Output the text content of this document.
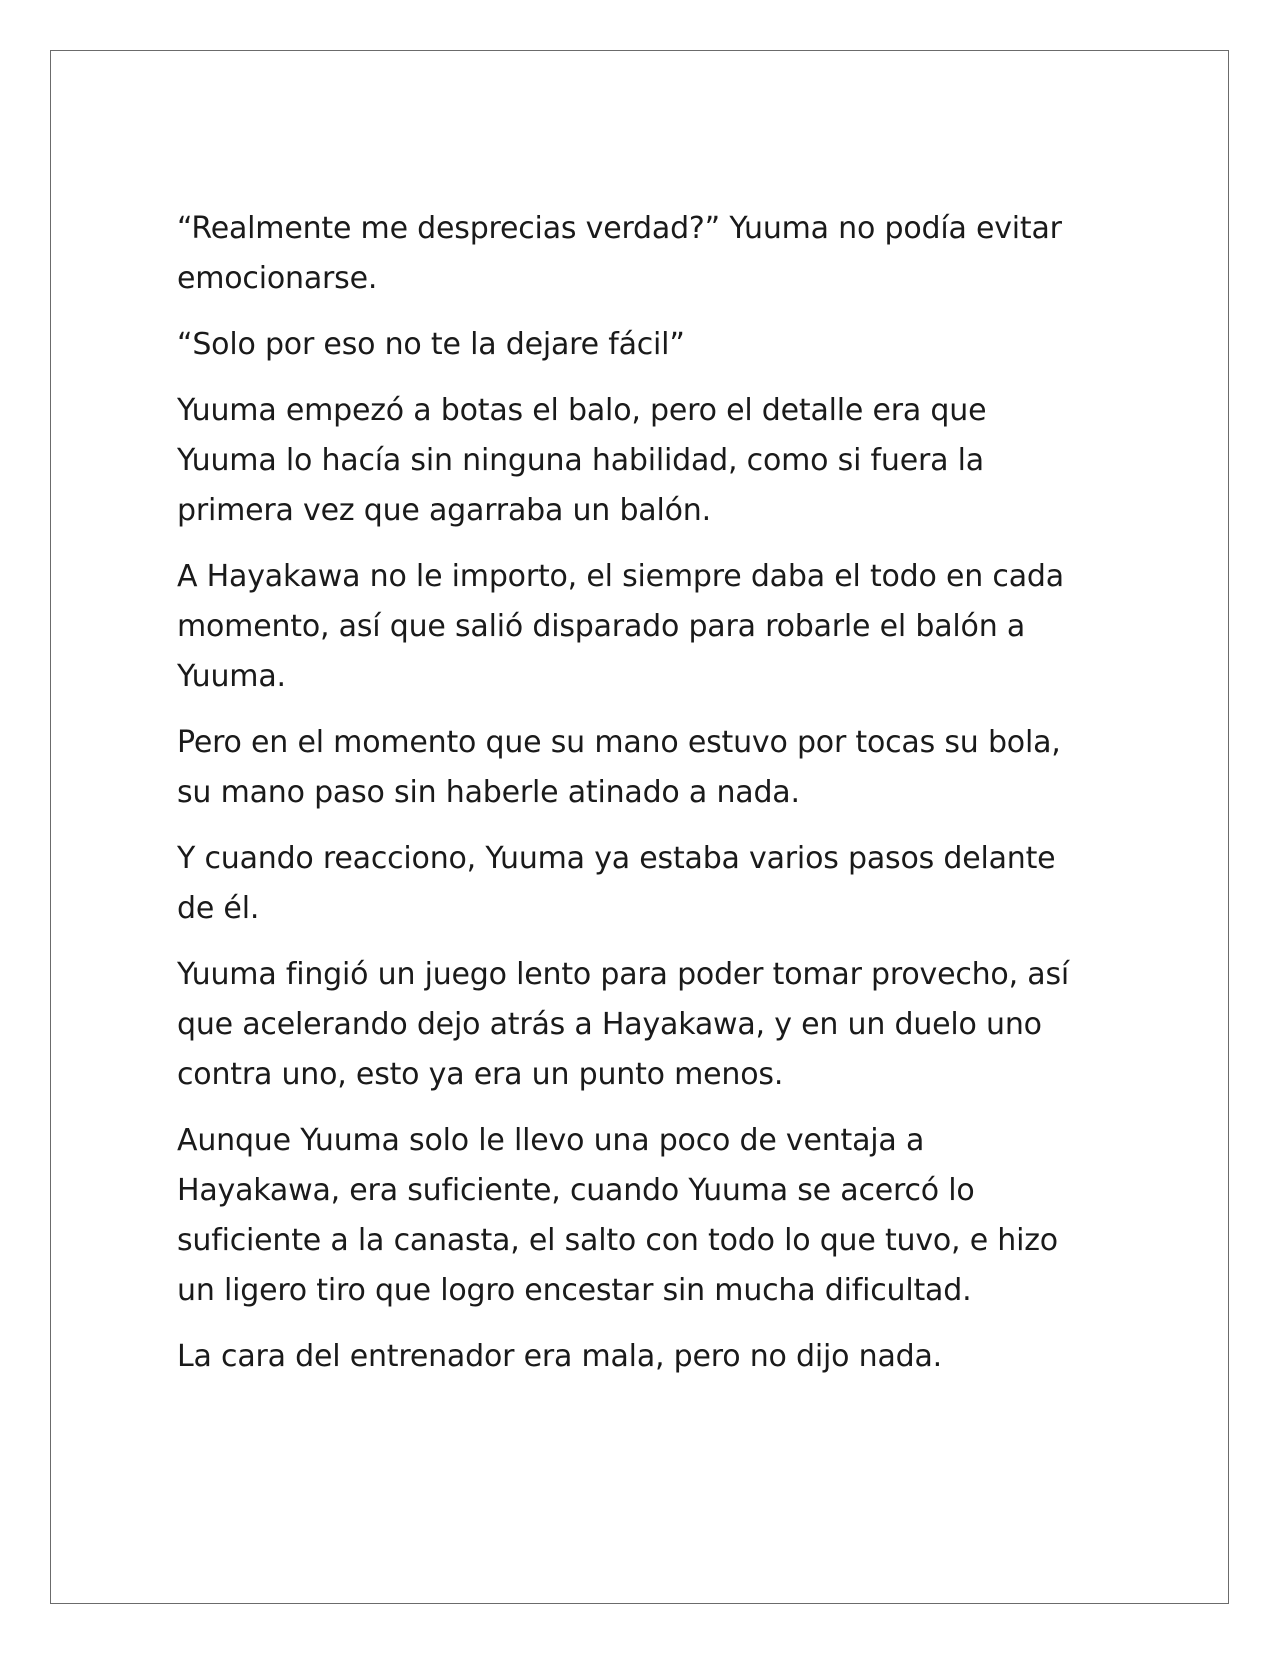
“Realmente me desprecias verdad?” Yuuma no podía evitar
emocionarse.

“Solo por eso no te la dejare fácil”

Yuuma empezó a botas el balo, pero el detalle era que
Yuuma lo hacía sin ninguna habilidad, como si fuera la
primera vez que agarraba un balón.

A Hayakawa no le importo, el siempre daba el todo en cada
momento, así que salió disparado para robarle el balón a
Yuuma.

Pero en el momento que su mano estuvo por tocas su bola,
su mano paso sin haberle atinado a nada.

Y cuando reacciono, Yuuma ya estaba varios pasos delante
de él.

Yuuma fingió un juego lento para poder tomar provecho, así
que acelerando dejo atrás a Hayakawa, y en un duelo uno
contra uno, esto ya era un punto menos.

Aunque Yuuma solo le llevo una poco de ventaja a
Hayakawa, era suficiente, cuando Yuuma se acercó lo
suficiente a la canasta, el salto con todo lo que tuvo, e hizo
un ligero tiro que logro encestar sin mucha dificultad.

La cara del entrenador era mala, pero no dijo nada.
